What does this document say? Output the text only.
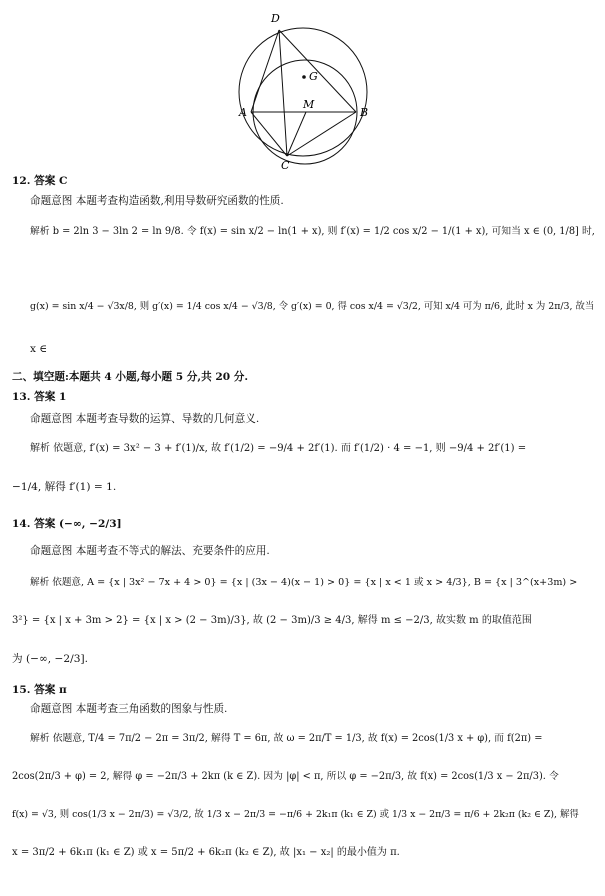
D
G
A
M
B
C
12. 答案 C
命题意图 本题考查构造函数,利用导数研究函数的性质.
解析 b = 2ln 3 − 3ln 2 = ln 9/8. 令 f(x) = sin x/2 − ln(1 + x), 则 f′(x) = 1/2 cos x/2 − 1/(1 + x), 可知当 x ∈ (0, 1/8] 时,
g(x) = sin x/4 − √3x/8, 则 g′(x) = 1/4 cos x/4 − √3/8, 令 g′(x) = 0, 得 cos x/4 = √3/2, 可知 x/4 可为 π/6, 此时 x 为 2π/3, 故当
x ∈
二、填空题:本题共 4 小题,每小题 5 分,共 20 分.
13. 答案 1
命题意图 本题考查导数的运算、导数的几何意义.
解析 依题意, f′(x) = 3x² − 3 + f′(1)/x, 故 f′(1/2) = −9/4 + 2f′(1). 而 f′(1/2) · 4 = −1, 则 −9/4 + 2f′(1) =
−1/4, 解得 f′(1) = 1.
14. 答案 (−∞, −2/3]
命题意图 本题考查不等式的解法、充要条件的应用.
解析 依题意, A = {x | 3x² − 7x + 4 > 0} = {x | (3x − 4)(x − 1) > 0} = {x | x < 1 或 x > 4/3}, B = {x | 3^(x+3m) >
3²} = {x | x + 3m > 2} = {x | x > (2 − 3m)/3}, 故 (2 − 3m)/3 ≥ 4/3, 解得 m ≤ −2/3, 故实数 m 的取值范围
为 (−∞, −2/3].
15. 答案 π
命题意图 本题考查三角函数的图象与性质.
解析 依题意, T/4 = 7π/2 − 2π = 3π/2, 解得 T = 6π, 故 ω = 2π/T = 1/3, 故 f(x) = 2cos(1/3 x + φ), 而 f(2π) =
2cos(2π/3 + φ) = 2, 解得 φ = −2π/3 + 2kπ (k ∈ Z). 因为 |φ| < π, 所以 φ = −2π/3, 故 f(x) = 2cos(1/3 x − 2π/3). 令
f(x) = √3, 则 cos(1/3 x − 2π/3) = √3/2, 故 1/3 x − 2π/3 = −π/6 + 2k₁π (k₁ ∈ Z) 或 1/3 x − 2π/3 = π/6 + 2k₂π (k₂ ∈ Z), 解得
x = 3π/2 + 6k₁π (k₁ ∈ Z) 或 x = 5π/2 + 6k₂π (k₂ ∈ Z), 故 |x₁ − x₂| 的最小值为 π.
